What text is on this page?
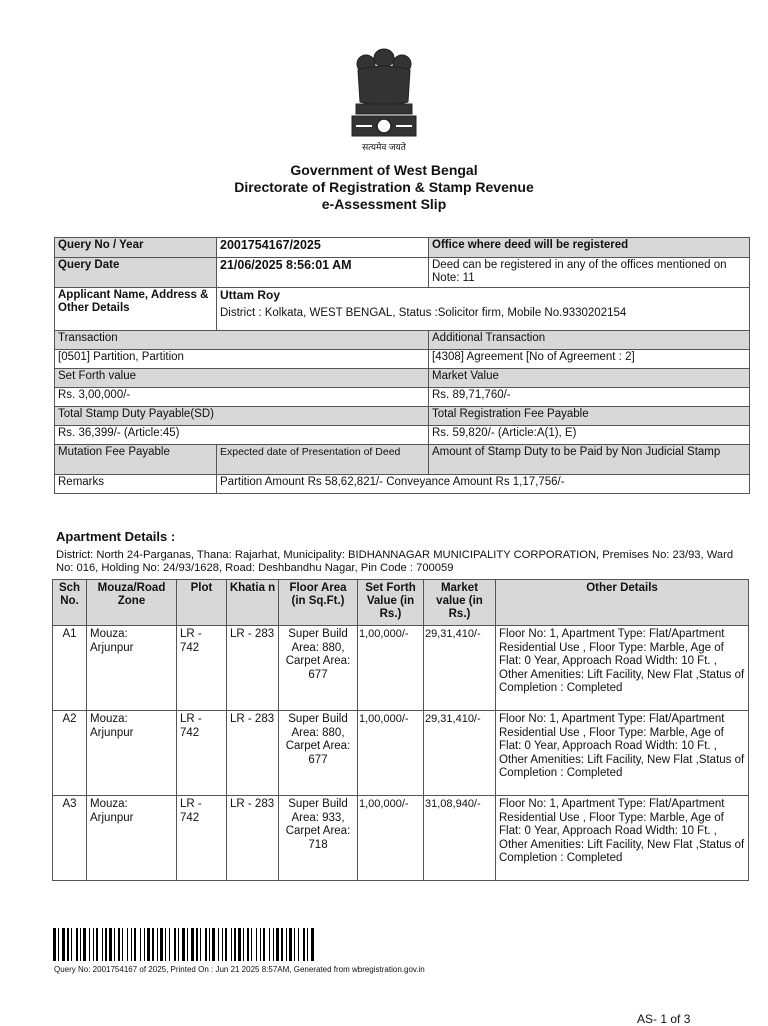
सत्यमेव जयते
Government of West Bengal
Directorate of Registration & Stamp Revenue
e-Assessment Slip
Query No / Year	2001754167/2025	Office where deed will be registered
Query Date	21/06/2025 8:56:01 AM	Deed can be registered in any of the offices mentioned on Note: 11
Applicant Name, Address & Other Details	Uttam Roy
District : Kolkata, WEST BENGAL, Status :Solicitor firm, Mobile No.9330202154	

Transaction		Additional Transaction
[0501] Partition, Partition		[4308] Agreement [No of Agreement : 2]
Set Forth value		Market Value
Rs. 3,00,000/-		Rs. 89,71,760/-
Total Stamp Duty Payable(SD)		Total Registration Fee Payable
Rs. 36,399/- (Article:45)		Rs. 59,820/- (Article:A(1), E)
Mutation Fee Payable	Expected date of Presentation of Deed	Amount of Stamp Duty to be Paid by Non Judicial Stamp
Remarks	Partition Amount Rs 58,62,821/- Conveyance Amount Rs 1,17,756/-	
Apartment Details :
District: North 24-Parganas, Thana: Rajarhat, Municipality: BIDHANNAGAR MUNICIPALITY CORPORATION, Premises No: 23/93, Ward No: 016, Holding No: 24/93/1628, Road: Deshbandhu Nagar, Pin Code : 700059
Sch No.	Mouza/Road Zone	Plot	Khatia n	Floor Area (in Sq.Ft.)	Set Forth Value (in Rs.)	Market value (in Rs.)	Other Details
A1	Mouza: Arjunpur	LR - 742	LR - 283	Super Build Area: 880, Carpet Area: 677	1,00,000/-	29,31,410/-	Floor No: 1, Apartment Type: Flat/Apartment Residential Use , Floor Type: Marble, Age of Flat: 0 Year, Approach Road Width: 10 Ft. , Other Amenities: Lift Facility, New Flat ,Status of Completion : Completed
A2	Mouza: Arjunpur	LR - 742	LR - 283	Super Build Area: 880, Carpet Area: 677	1,00,000/-	29,31,410/-	Floor No: 1, Apartment Type: Flat/Apartment Residential Use , Floor Type: Marble, Age of Flat: 0 Year, Approach Road Width: 10 Ft. , Other Amenities: Lift Facility, New Flat ,Status of Completion : Completed
A3	Mouza: Arjunpur	LR - 742	LR - 283	Super Build Area: 933, Carpet Area: 718	1,00,000/-	31,08,940/-	Floor No: 1, Apartment Type: Flat/Apartment Residential Use , Floor Type: Marble, Age of Flat: 0 Year, Approach Road Width: 10 Ft. , Other Amenities: Lift Facility, New Flat ,Status of Completion : Completed
Query No: 2001754167 of 2025, Printed On : Jun 21 2025 8:57AM, Generated from wbregistration.gov.in
AS- 1 of 3
